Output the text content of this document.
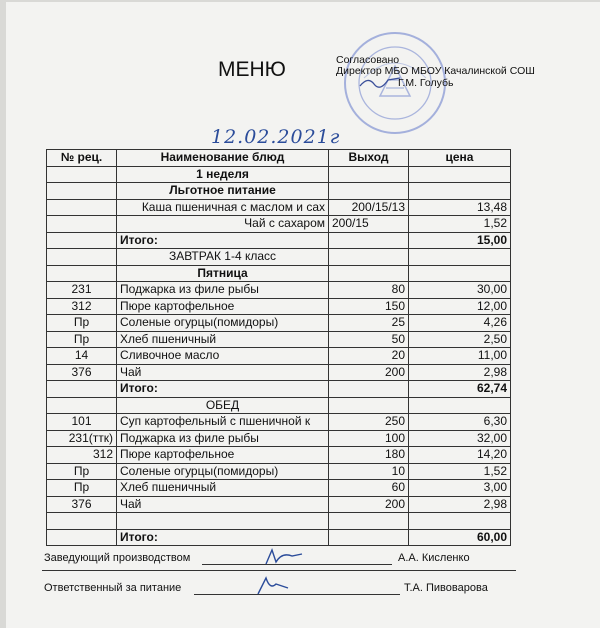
МЕНЮ	Согласовано
Директор МБО МБОУ Качалинской СОШ
Г.М. Голубь
12.02.2021г
№ рец.	Наименование блюд	Выход	цена
	1 неделя		
	Льготное питание		
	Каша пшеничная с маслом и сах	200/15/13	13,48
	Чай с сахаром	200/15	1,52
	Итого:		15,00
	ЗАВТРАК 1-4 класс		
	Пятница		
231	Поджарка из филе рыбы	80	30,00
312	Пюре картофельное	150	12,00
Пр	Соленые огурцы(помидоры)	25	4,26
Пр	Хлеб пшеничный	50	2,50
14	Сливочное масло	20	11,00
376	Чай	200	2,98
	Итого:		62,74
	ОБЕД		
101	Суп картофельный с пшеничной к	250	6,30
231(ттк)	Поджарка из филе рыбы	100	32,00
312	Пюре картофельное	180	14,20
Пр	Соленые огурцы(помидоры)	10	1,52
Пр	Хлеб пшеничный	60	3,00
376	Чай	200	2,98

	Итого:		60,00
Заведующий производством	А.А. Кисленко
Ответственный за питание	Т.А. Пивоварова
